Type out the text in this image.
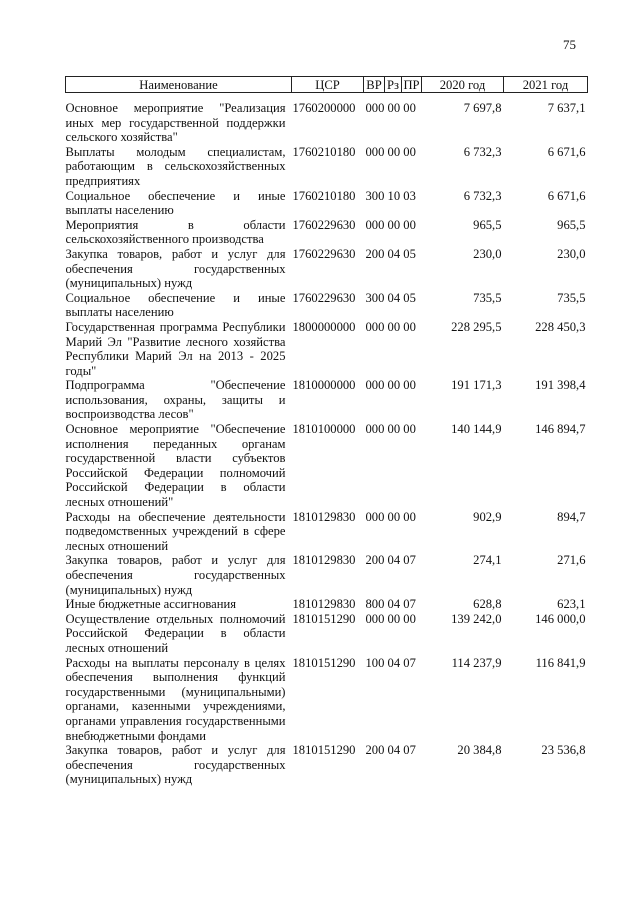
75
Наименование	ЦСР	ВР	Рз	ПР	2020 год	2021 год
Основное мероприятие "Реализация иных мер государственной поддержки сельского хозяйства"	1760200000	000 00 00			7 697,8	7 637,1
Выплаты молодым специалистам, работающим в сельскохозяйственных предприятиях	1760210180	000 00 00			6 732,3	6 671,6
Социальное обеспечение и иные выплаты населению	1760210180	300 10 03			6 732,3	6 671,6
Мероприятия в области сельскохозяйственного производства	1760229630	000 00 00			965,5	965,5
Закупка товаров, работ и услуг для обеспечения государственных (муниципальных) нужд	1760229630	200 04 05			230,0	230,0
Социальное обеспечение и иные выплаты населению	1760229630	300 04 05			735,5	735,5
Государственная программа Республики Марий Эл "Развитие лесного хозяйства Республики Марий Эл на 2013 - 2025 годы"	1800000000	000 00 00			228 295,5	228 450,3
Подпрограмма "Обеспечение использования, охраны, защиты и воспроизводства лесов"	1810000000	000 00 00			191 171,3	191 398,4
Основное мероприятие "Обеспечение исполнения переданных органам государственной власти субъектов Российской Федерации полномочий Российской Федерации в области лесных отношений"	1810100000	000 00 00			140 144,9	146 894,7
Расходы на обеспечение деятельности подведомственных учреждений в сфере лесных отношений	1810129830	000 00 00			902,9	894,7
Закупка товаров, работ и услуг для обеспечения государственных (муниципальных) нужд	1810129830	200 04 07			274,1	271,6
Иные бюджетные ассигнования	1810129830	800 04 07			628,8	623,1
Осуществление отдельных полномочий Российской Федерации в области лесных отношений	1810151290	000 00 00			139 242,0	146 000,0
Расходы на выплаты персоналу в целях обеспечения выполнения функций государственными (муниципальными) органами, казенными учреждениями, органами управления государственными внебюджетными фондами	1810151290	100 04 07			114 237,9	116 841,9
Закупка товаров, работ и услуг для обеспечения государственных (муниципальных) нужд	1810151290	200 04 07			20 384,8	23 536,8
